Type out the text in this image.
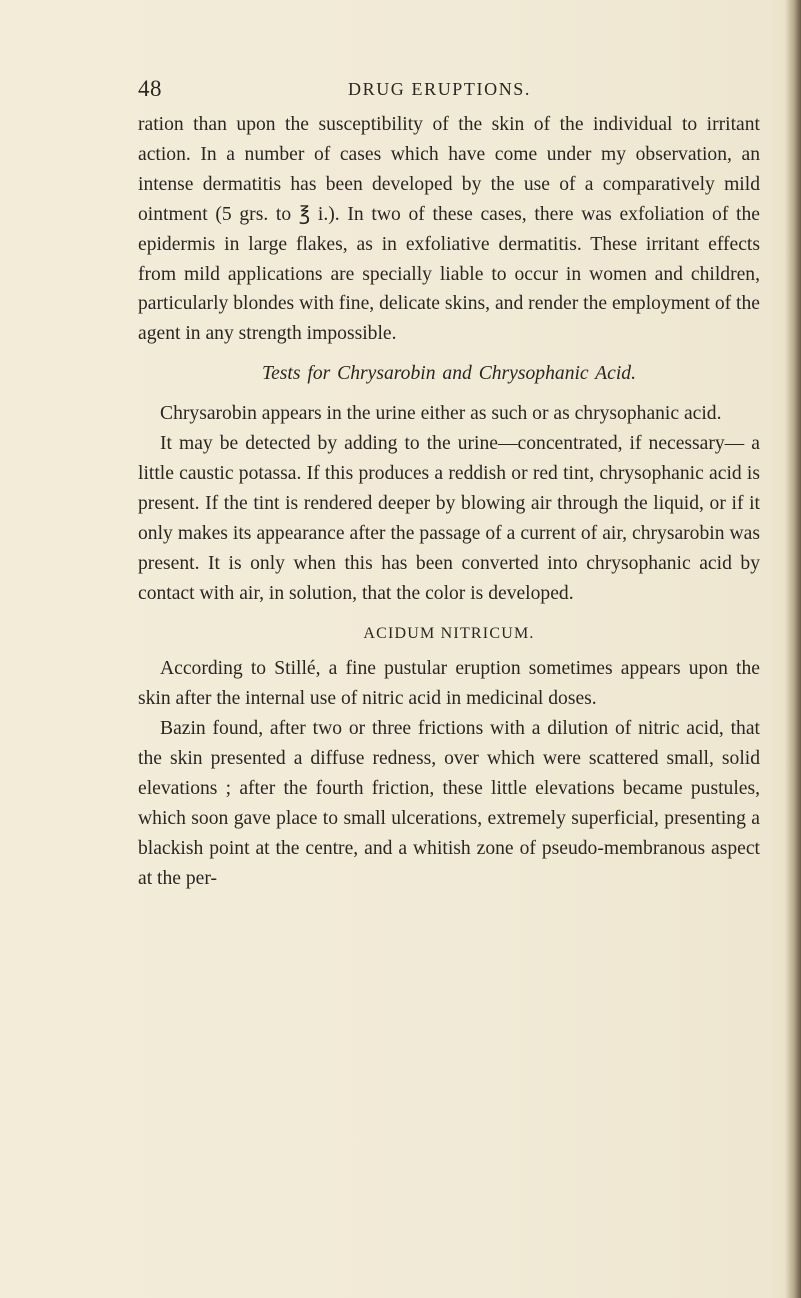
48	DRUG ERUPTIONS.

ration than upon the susceptibility of the skin of the individual to irritant action. In a number of cases which have come under my observation, an intense dermatitis has been developed by the use of a comparatively mild ointment (5 grs. to ℥ i.). In two of these cases, there was exfoliation of the epidermis in large flakes, as in exfoliative dermatitis. These irritant effects from mild applications are specially liable to occur in women and children, particularly blondes with fine, delicate skins, and render the employment of the agent in any strength impossible.

Tests for Chrysarobin and Chrysophanic Acid.

Chrysarobin appears in the urine either as such or as chrysophanic acid.

It may be detected by adding to the urine—concentrated, if necessary— a little caustic potassa. If this produces a reddish or red tint, chrysophanic acid is present. If the tint is rendered deeper by blowing air through the liquid, or if it only makes its appearance after the passage of a current of air, chrysarobin was present. It is only when this has been converted into chrysophanic acid by contact with air, in solution, that the color is developed.

ACIDUM NITRICUM.

According to Stillé, a fine pustular eruption sometimes appears upon the skin after the internal use of nitric acid in medicinal doses.

Bazin found, after two or three frictions with a dilution of nitric acid, that the skin presented a diffuse redness, over which were scattered small, solid elevations ; after the fourth friction, these little elevations became pustules, which soon gave place to small ulcerations, extremely superficial, presenting a blackish point at the centre, and a whitish zone of pseudo-membranous aspect at the per-
